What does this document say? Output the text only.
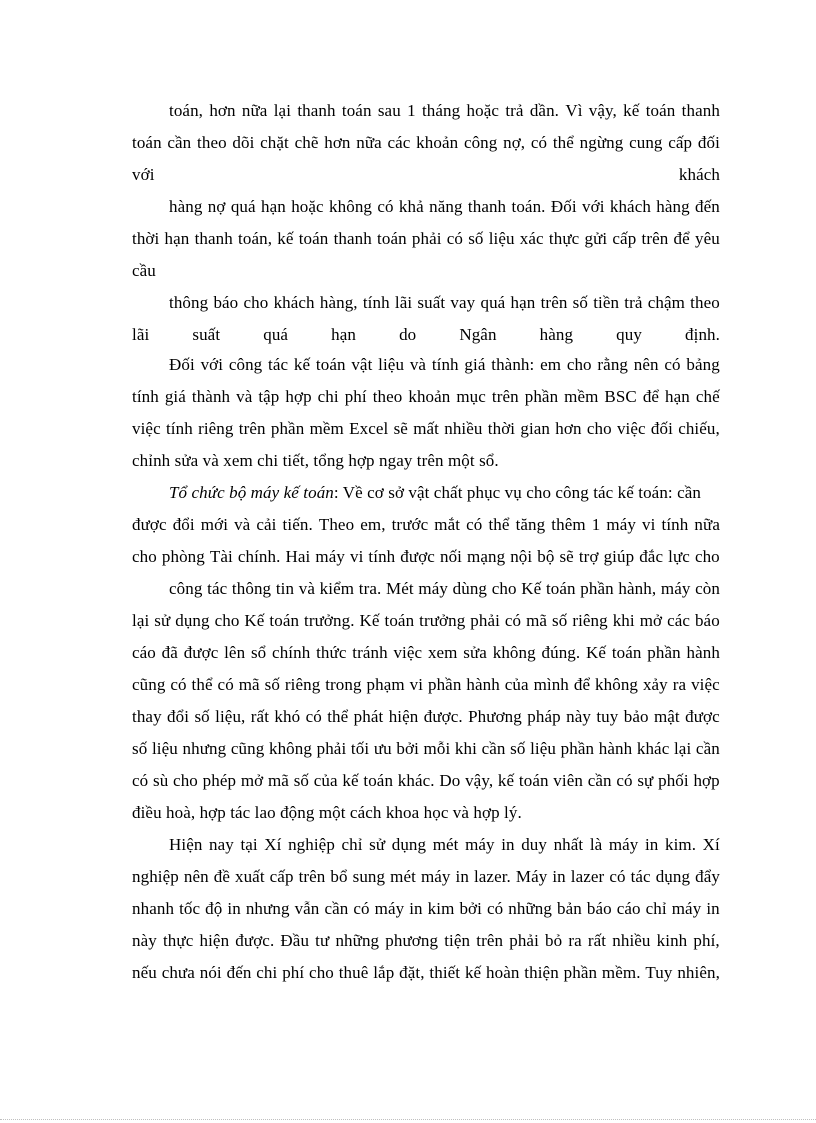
toán, hơn nữa lại thanh toán sau 1 tháng hoặc trả dần. Vì vậy, kế toán thanh
toán cần theo dõi chặt chẽ hơn nữa các khoản công nợ, có thể ngừng cung cấp đối
với	khách
hàng nợ quá hạn hoặc không có khả năng thanh toán. Đối với khách hàng đến
thời hạn thanh toán, kế toán thanh toán phải có số liệu xác thực gửi cấp trên để yêu
cầu
thông báo cho khách hàng, tính lãi suất vay quá hạn trên số tiền trả chậm theo
lãi	suất	quá	hạn	do	Ngân	hàng	quy	định.
Đối với công tác kế toán vật liệu và tính giá thành: em cho rằng nên có bảng
tính giá thành và tập hợp chi phí theo khoản mục trên phần mềm BSC để hạn chế
việc tính riêng trên phần mềm Excel sẽ mất nhiều thời gian hơn cho việc đối chiếu,
chỉnh sửa và xem chi tiết, tổng hợp ngay trên một sổ.
Tổ chức bộ máy kế toán: Về cơ sở vật chất phục vụ cho công tác kế toán: cần
được đổi mới và cải tiến. Theo em, trước mắt có thể tăng thêm 1 máy vi tính nữa
cho phòng Tài chính. Hai máy vi tính được nối mạng nội bộ sẽ trợ giúp đắc lực cho
công tác thông tin và kiểm tra. Mét máy dùng cho Kế toán phần hành, máy còn
lại sử dụng cho Kế toán trưởng. Kế toán trưởng phải có mã số riêng khi mở các báo
cáo đã được lên sổ chính thức tránh việc xem sửa không đúng. Kế toán phần hành
cũng có thể có mã số riêng trong phạm vi phần hành của mình để không xảy ra việc
thay đổi số liệu, rất khó có thể phát hiện được. Phương pháp này tuy bảo mật được
số liệu nhưng cũng không phải tối ưu bởi mỗi khi cần số liệu phần hành khác lại cần
có sù cho phép mở mã số của kế toán khác. Do vậy, kế toán viên cần có sự phối hợp
điều hoà, hợp tác lao động một cách khoa học và hợp lý.
Hiện nay tại Xí nghiệp chỉ sử dụng mét máy in duy nhất là máy in kim. Xí
nghiệp nên đề xuất cấp trên bổ sung mét máy in lazer. Máy in lazer có tác dụng đẩy
nhanh tốc độ in nhưng vẫn cần có máy in kim bởi có những bản báo cáo chỉ máy in
này thực hiện được. Đầu tư những phương tiện trên phải bỏ ra rất nhiều kinh phí,
nếu chưa nói đến chi phí cho thuê lắp đặt, thiết kế hoàn thiện phần mềm. Tuy nhiên,
